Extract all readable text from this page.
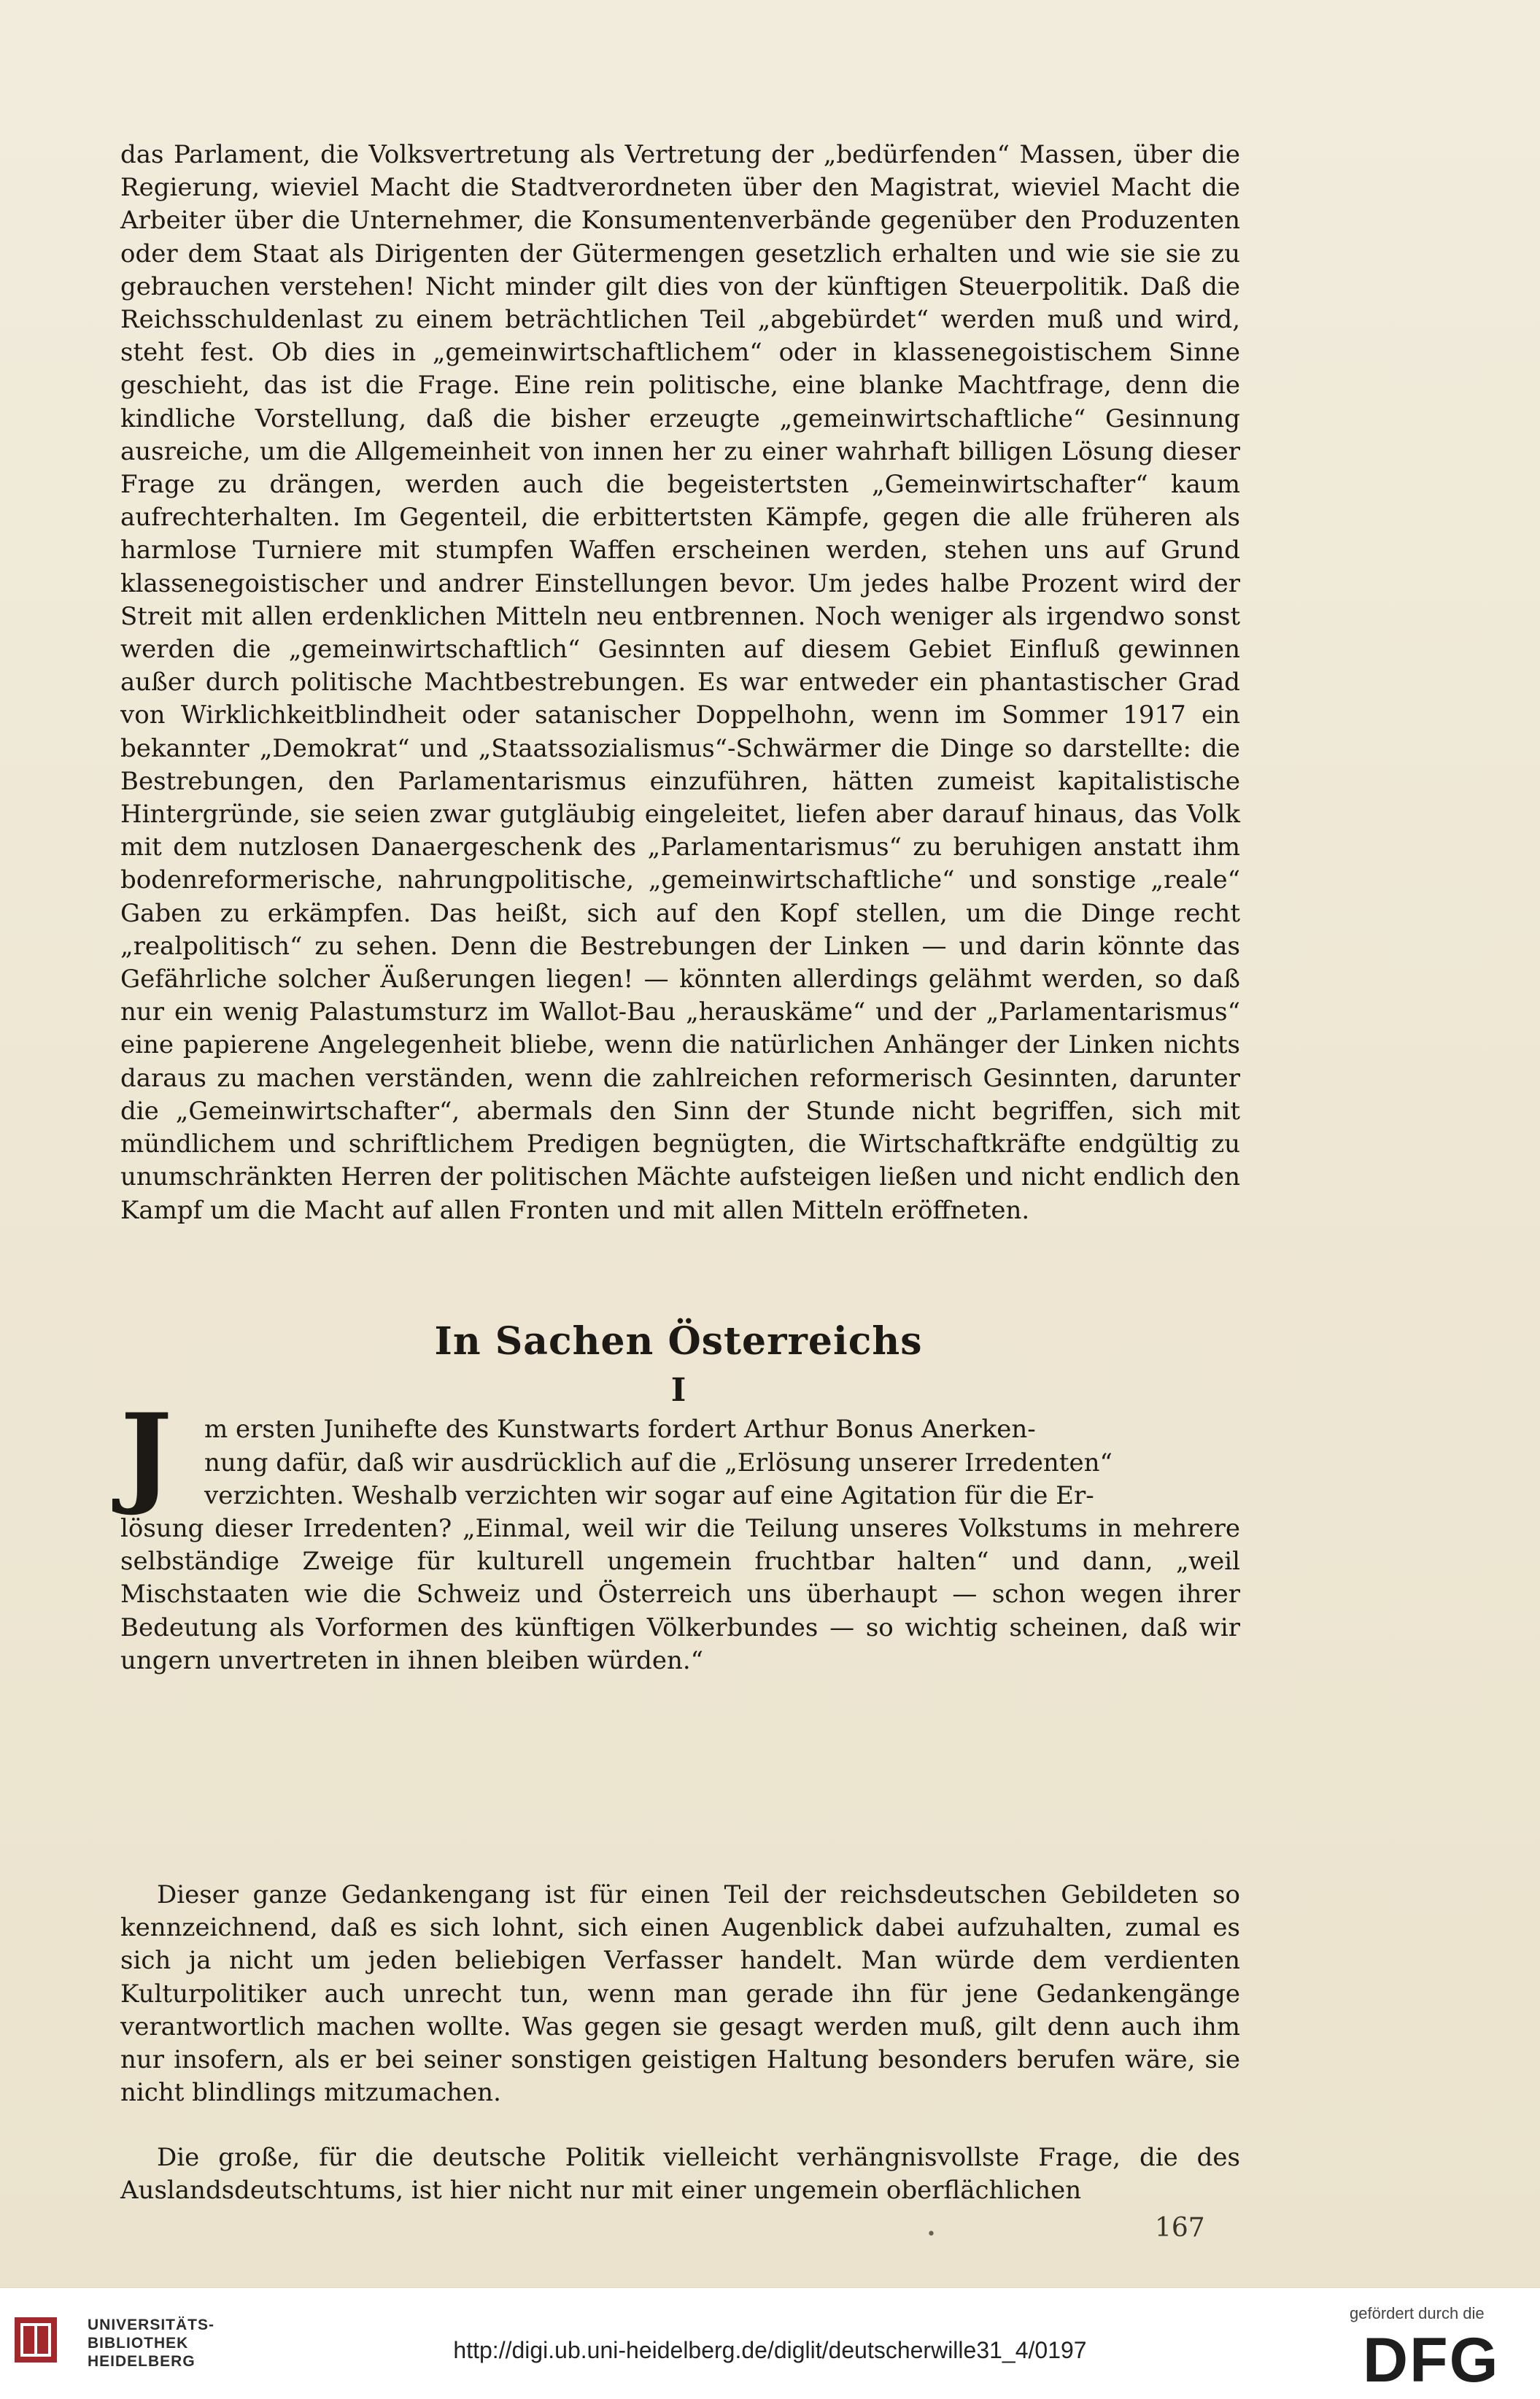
das Parlament, die Volksvertretung als Vertretung der „bedürfenden“ Massen, über die Regierung, wieviel Macht die Stadtverordneten über den Magistrat, wieviel Macht die Arbeiter über die Unternehmer, die Konsumentenverbände gegenüber den Produzenten oder dem Staat als Dirigenten der Gütermengen gesetzlich erhalten und wie sie sie zu gebrauchen verstehen! Nicht minder gilt dies von der künftigen Steuerpolitik. Daß die Reichsschuldenlast zu einem beträchtlichen Teil „abgebürdet“ werden muß und wird, steht fest. Ob dies in „gemeinwirtschaftlichem“ oder in klassenegoistischem Sinne geschieht, das ist die Frage. Eine rein politische, eine blanke Machtfrage, denn die kindliche Vorstellung, daß die bisher erzeugte „gemeinwirtschaftliche“ Gesinnung ausreiche, um die Allgemeinheit von innen her zu einer wahrhaft billigen Lösung dieser Frage zu drängen, werden auch die begeistertsten „Gemeinwirtschafter“ kaum aufrechterhalten. Im Gegenteil, die erbittertsten Kämpfe, gegen die alle früheren als harmlose Turniere mit stumpfen Waffen erscheinen werden, stehen uns auf Grund klassenegoistischer und andrer Einstellungen bevor. Um jedes halbe Prozent wird der Streit mit allen erdenklichen Mitteln neu entbrennen. Noch weniger als irgendwo sonst werden die „gemeinwirtschaftlich“ Gesinnten auf diesem Gebiet Einfluß gewinnen außer durch politische Machtbestrebungen. Es war entweder ein phantastischer Grad von Wirklichkeitblindheit oder satanischer Doppelhohn, wenn im Sommer 1917 ein bekannter „Demokrat“ und „Staatssozialismus“-Schwärmer die Dinge so darstellte: die Bestrebungen, den Parlamentarismus einzuführen, hätten zumeist kapitalistische Hintergründe, sie seien zwar gutgläubig eingeleitet, liefen aber darauf hinaus, das Volk mit dem nutzlosen Danaergeschenk des „Parlamentarismus“ zu beruhigen anstatt ihm bodenreformerische, nahrungpolitische, „gemeinwirtschaftliche“ und sonstige „reale“ Gaben zu erkämpfen. Das heißt, sich auf den Kopf stellen, um die Dinge recht „realpolitisch“ zu sehen. Denn die Bestrebungen der Linken — und darin könnte das Gefährliche solcher Äußerungen liegen! — könnten allerdings gelähmt werden, so daß nur ein wenig Palastumsturz im Wallot-Bau „herauskäme“ und der „Parlamentarismus“ eine papierene Angelegenheit bliebe, wenn die natürlichen Anhänger der Linken nichts daraus zu machen verständen, wenn die zahlreichen reformerisch Gesinnten, darunter die „Gemeinwirtschafter“, abermals den Sinn der Stunde nicht begriffen, sich mit mündlichem und schriftlichem Predigen begnügten, die Wirtschaftkräfte endgültig zu unumschränkten Herren der politischen Mächte aufsteigen ließen und nicht endlich den Kampf um die Macht auf allen Fronten und mit allen Mitteln eröffneten.

In Sachen Österreichs
I
J	m ersten Junihefte des Kunstwarts fordert Arthur Bonus Anerken-

nung dafür, daß wir ausdrücklich auf die „Erlösung unserer Irredenten“

verzichten. Weshalb verzichten wir sogar auf eine Agitation für die Er-

lösung dieser Irredenten? „Einmal, weil wir die Teilung unseres Volkstums in mehrere selbständige Zweige für kulturell ungemein fruchtbar halten“ und dann, „weil Mischstaaten wie die Schweiz und Österreich uns überhaupt — schon wegen ihrer Bedeutung als Vorformen des künftigen Völkerbundes — so wichtig scheinen, daß wir ungern unvertreten in ihnen bleiben würden.“

Dieser ganze Gedankengang ist für einen Teil der reichsdeutschen Gebildeten so kennzeichnend, daß es sich lohnt, sich einen Augenblick dabei aufzuhalten, zumal es sich ja nicht um jeden beliebigen Verfasser handelt. Man würde dem verdienten Kulturpolitiker auch unrecht tun, wenn man gerade ihn für jene Gedankengänge verantwortlich machen wollte. Was gegen sie gesagt werden muß, gilt denn auch ihm nur insofern, als er bei seiner sonstigen geistigen Haltung besonders berufen wäre, sie nicht blindlings mitzumachen.

Die große, für die deutsche Politik vielleicht verhängnisvollste Frage, die des Auslandsdeutschtums, ist hier nicht nur mit einer ungemein oberflächlichen

•	167
UNIVERSITÄTS-
BIBLIOTHEK
HEIDELBERG	http://digi.ub.uni-heidelberg.de/diglit/deutscherwille31_4/0197
gefördert durch die
DFG
